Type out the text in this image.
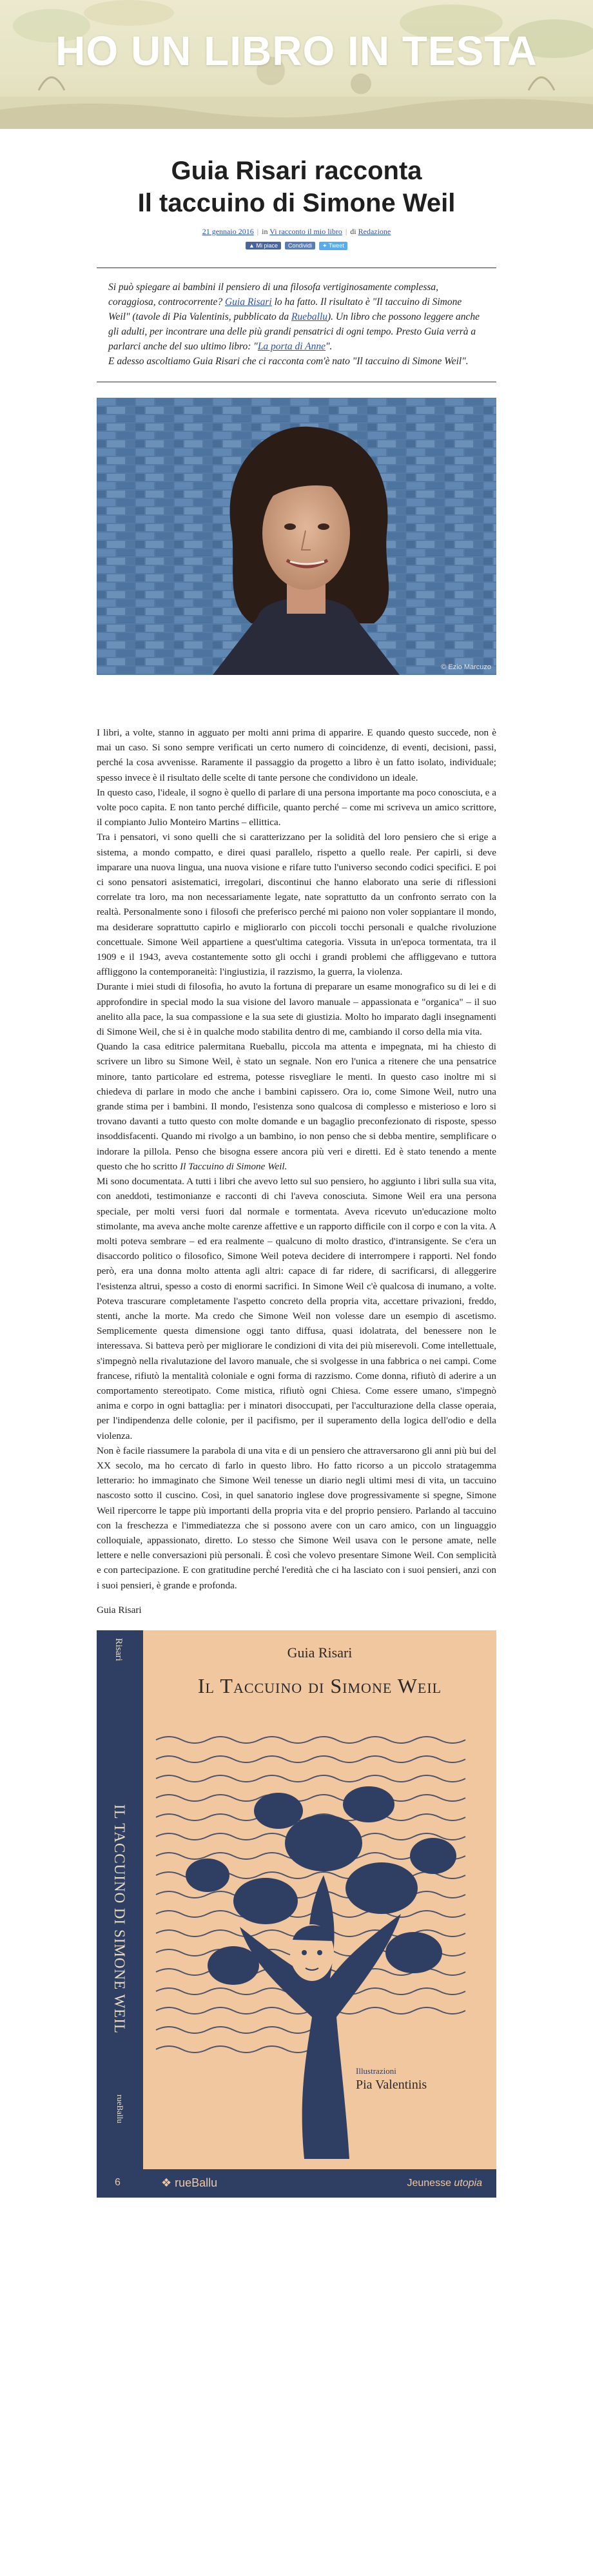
HO UN LIBRO IN TESTA
Guia Risari racconta
Il taccuino di Simone Weil
21 gennaio 2016 | in Vi racconto il mio libro | di Redazione
▲ Mi piace Condividi ✦ Tweet

Si può spiegare ai bambini il pensiero di una filosofa vertiginosamente complessa, coraggiosa, controcorrente? Guia Risari lo ha fatto. Il risultato è "Il taccuino di Simone Weil" (tavole di Pia Valentinis, pubblicato da Rueballu). Un libro che possono leggere anche gli adulti, per incontrare una delle più grandi pensatrici di ogni tempo. Presto Guia verrà a parlarci anche del suo ultimo libro: "La porta di Anne".

E adesso ascoltiamo Guia Risari che ci racconta com'è nato "Il taccuino di Simone Weil".

© Ezio Marcuzo

I libri, a volte, stanno in agguato per molti anni prima di apparire. E quando questo succede, non è mai un caso. Si sono sempre verificati un certo numero di coincidenze, di eventi, decisioni, passi, perché la cosa avvenisse. Raramente il passaggio da progetto a libro è un fatto isolato, individuale; spesso invece è il risultato delle scelte di tante persone che condividono un ideale.

In questo caso, l'ideale, il sogno è quello di parlare di una persona importante ma poco conosciuta, e a volte poco capita. E non tanto perché difficile, quanto perché – come mi scriveva un amico scrittore, il compianto Julio Monteiro Martins – ellittica.

Tra i pensatori, vi sono quelli che si caratterizzano per la solidità del loro pensiero che si erige a sistema, a mondo compatto, e direi quasi parallelo, rispetto a quello reale. Per capirli, si deve imparare una nuova lingua, una nuova visione e rifare tutto l'universo secondo codici specifici. E poi ci sono pensatori asistematici, irregolari, discontinui che hanno elaborato una serie di riflessioni correlate tra loro, ma non necessariamente legate, nate soprattutto da un confronto serrato con la realtà. Personalmente sono i filosofi che preferisco perché mi paiono non voler soppiantare il mondo, ma desiderare soprattutto capirlo e migliorarlo con piccoli tocchi personali e qualche rivoluzione concettuale. Simone Weil appartiene a quest'ultima categoria. Vissuta in un'epoca tormentata, tra il 1909 e il 1943, aveva costantemente sotto gli occhi i grandi problemi che affliggevano e tuttora affliggono la contemporaneità: l'ingiustizia, il razzismo, la guerra, la violenza.

Durante i miei studi di filosofia, ho avuto la fortuna di preparare un esame monografico su di lei e di approfondire in special modo la sua visione del lavoro manuale – appassionata e "organica" – il suo anelito alla pace, la sua compassione e la sua sete di giustizia. Molto ho imparato dagli insegnamenti di Simone Weil, che si è in qualche modo stabilita dentro di me, cambiando il corso della mia vita.

Quando la casa editrice palermitana Rueballu, piccola ma attenta e impegnata, mi ha chiesto di scrivere un libro su Simone Weil, è stato un segnale. Non ero l'unica a ritenere che una pensatrice minore, tanto particolare ed estrema, potesse risvegliare le menti. In questo caso inoltre mi si chiedeva di parlare in modo che anche i bambini capissero. Ora io, come Simone Weil, nutro una grande stima per i bambini. Il mondo, l'esistenza sono qualcosa di complesso e misterioso e loro si trovano davanti a tutto questo con molte domande e un bagaglio preconfezionato di risposte, spesso insoddisfacenti. Quando mi rivolgo a un bambino, io non penso che si debba mentire, semplificare o indorare la pillola. Penso che bisogna essere ancora più veri e diretti. Ed è stato tenendo a mente questo che ho scritto Il Taccuino di Simone Weil.

Mi sono documentata. A tutti i libri che avevo letto sul suo pensiero, ho aggiunto i libri sulla sua vita, con aneddoti, testimonianze e racconti di chi l'aveva conosciuta. Simone Weil era una persona speciale, per molti versi fuori dal normale e tormentata. Aveva ricevuto un'educazione molto stimolante, ma aveva anche molte carenze affettive e un rapporto difficile con il corpo e con la vita. A molti poteva sembrare – ed era realmente – qualcuno di molto drastico, d'intransigente. Se c'era un disaccordo politico o filosofico, Simone Weil poteva decidere di interrompere i rapporti. Nel fondo però, era una donna molto attenta agli altri: capace di far ridere, di sacrificarsi, di alleggerire l'esistenza altrui, spesso a costo di enormi sacrifici. In Simone Weil c'è qualcosa di inumano, a volte. Poteva trascurare completamente l'aspetto concreto della propria vita, accettare privazioni, freddo, stenti, anche la morte. Ma credo che Simone Weil non volesse dare un esempio di ascetismo. Semplicemente questa dimensione oggi tanto diffusa, quasi idolatrata, del benessere non le interessava. Si batteva però per migliorare le condizioni di vita dei più miserevoli. Come intellettuale, s'impegnò nella rivalutazione del lavoro manuale, che si svolgesse in una fabbrica o nei campi. Come francese, rifiutò la mentalità coloniale e ogni forma di razzismo. Come donna, rifiutò di aderire a un comportamento stereotipato. Come mistica, rifiutò ogni Chiesa. Come essere umano, s'impegnò anima e corpo in ogni battaglia: per i minatori disoccupati, per l'acculturazione della classe operaia, per l'indipendenza delle colonie, per il pacifismo, per il superamento della logica dell'odio e della violenza.

Non è facile riassumere la parabola di una vita e di un pensiero che attraversarono gli anni più bui del XX secolo, ma ho cercato di farlo in questo libro. Ho fatto ricorso a un piccolo stratagemma letterario: ho immaginato che Simone Weil tenesse un diario negli ultimi mesi di vita, un taccuino nascosto sotto il cuscino. Così, in quel sanatorio inglese dove progressivamente si spegne, Simone Weil ripercorre le tappe più importanti della propria vita e del proprio pensiero. Parlando al taccuino con la freschezza e l'immediatezza che si possono avere con un caro amico, con un linguaggio colloquiale, appassionato, diretto. Lo stesso che Simone Weil usava con le persone amate, nelle lettere e nelle conversazioni più personali. È così che volevo presentare Simone Weil. Con semplicità e con partecipazione. E con gratitudine perché l'eredità che ci ha lasciato con i suoi pensieri, anzi con i suoi pensieri, è grande e profonda.

Guia Risari
Risari
IL TACCUINO DI SIMONE WEIL
rueBallu
6
Guia Risari
Il Taccuino di Simone Weil
Illustrazioni
Pia Valentinis
❖ rueBallu	Jeunesse utopia
